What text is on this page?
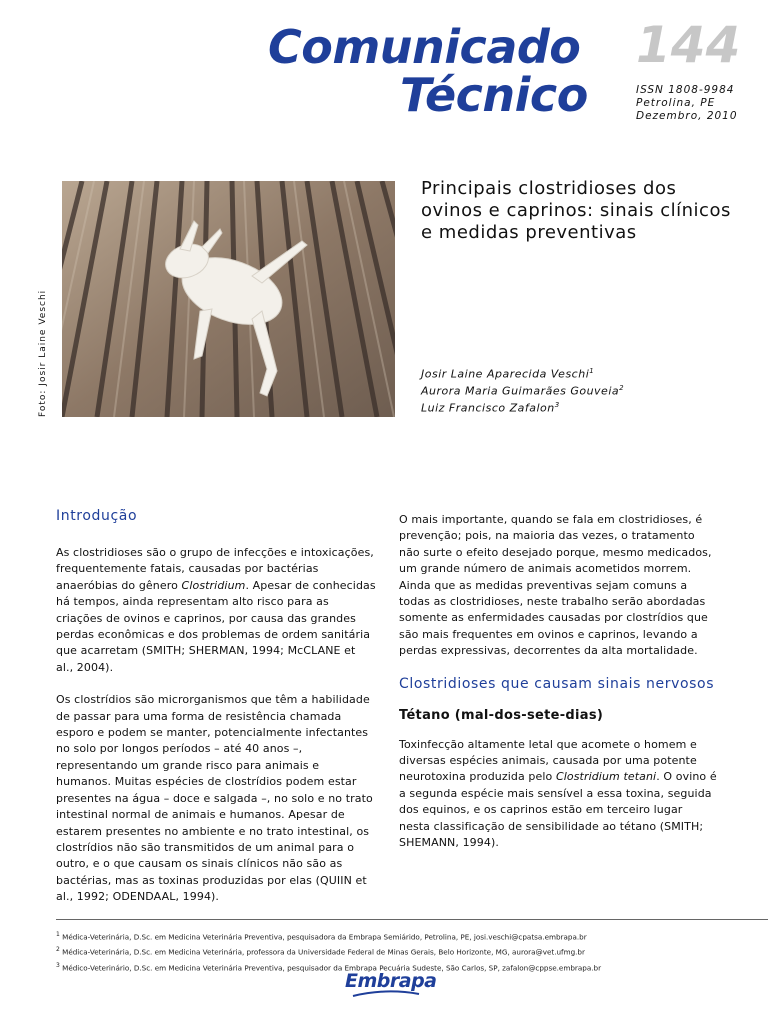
Comunicado
Técnico
144
ISSN 1808-9984
Petrolina, PE
Dezembro, 2010
Foto: Josir Laine Veschi
Principais clostridioses dos ovinos e caprinos: sinais clínicos e medidas preventivas
Josir Laine Aparecida Veschi$^1$
Aurora Maria Guimarães Gouveia$^2$
Luiz Francisco Zafalon$^3$
Introdução

As clostridioses são o grupo de infecções e intoxicações, frequentemente fatais, causadas por bactérias anaeróbias do gênero Clostridium. Apesar de conhecidas há tempos, ainda representam alto risco para as criações de ovinos e caprinos, por causa das grandes perdas econômicas e dos problemas de ordem sanitária que acarretam (SMITH; SHERMAN, 1994; McCLANE et al., 2004).

Os clostrídios são microrganismos que têm a habilidade de passar para uma forma de resistência chamada esporo e podem se manter, potencialmente infectantes no solo por longos períodos – até 40 anos –, representando um grande risco para animais e humanos. Muitas espécies de clostrídios podem estar presentes na água – doce e salgada –, no solo e no trato intestinal normal de animais e humanos. Apesar de estarem presentes no ambiente e no trato intestinal, os clostrídios não são transmitidos de um animal para o outro, e o que causam os sinais clínicos não são as bactérias, mas as toxinas produzidas por elas (QUIIN et al., 1992; ODENDAAL, 1994).

O mais importante, quando se fala em clostridioses, é prevenção; pois, na maioria das vezes, o tratamento não surte o efeito desejado porque, mesmo medicados, um grande número de animais acometidos morrem. Ainda que as medidas preventivas sejam comuns a todas as clostridioses, neste trabalho serão abordadas somente as enfermidades causadas por clostrídios que são mais frequentes em ovinos e caprinos, levando a perdas expressivas, decorrentes da alta mortalidade.

Clostridioses que causam sinais nervosos
Tétano (mal-dos-sete-dias)

Toxinfecção altamente letal que acomete o homem e diversas espécies animais, causada por uma potente neurotoxina produzida pelo Clostridium tetani. O ovino é a segunda espécie mais sensível a essa toxina, seguida dos equinos, e os caprinos estão em terceiro lugar nesta classificação de sensibilidade ao tétano (SMITH; SHEMANN, 1994).

$^1$ Médica-Veterinária, D.Sc. em Medicina Veterinária Preventiva, pesquisadora da Embrapa Semiárido, Petrolina, PE, josi.veschi@cpatsa.embrapa.br
$^2$ Médica-Veterinária, D.Sc. em Medicina Veterinária, professora da Universidade Federal de Minas Gerais, Belo Horizonte, MG, aurora@vet.ufmg.br
$^3$ Médico-Veterinário, D.Sc. em Medicina Veterinária Preventiva, pesquisador da Embrapa Pecuária Sudeste, São Carlos, SP, zafalon@cppse.embrapa.br
Embrapa
